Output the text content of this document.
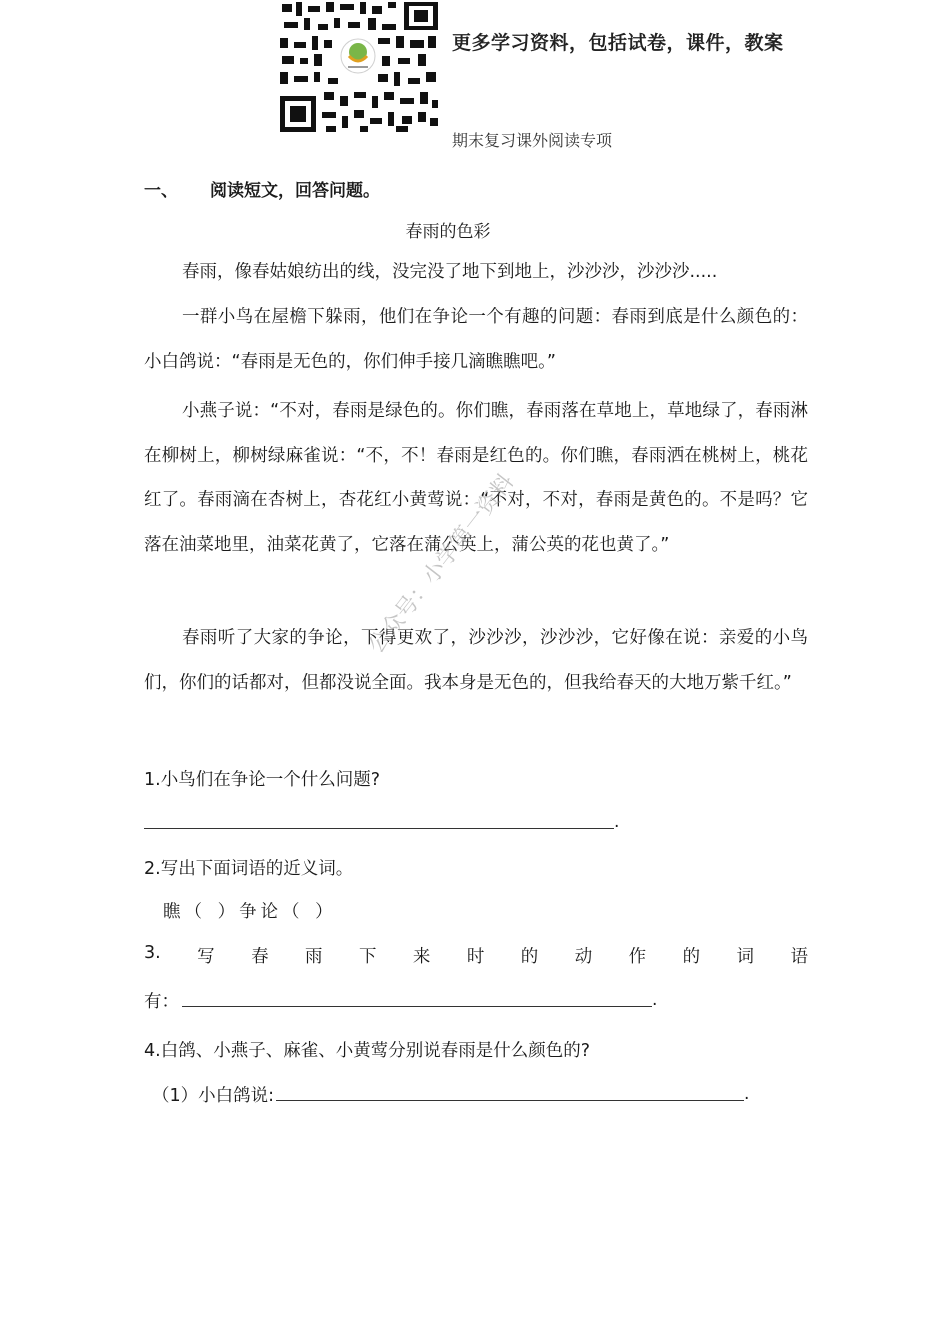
更多学习资料，包括试卷，课件，教案
期末复习课外阅读专项
一、 阅读短文，回答问题。
春雨的色彩
春雨，像春姑娘纺出的线，没完没了地下到地上，沙沙沙，沙沙沙.....
一群小鸟在屋檐下躲雨，他们在争论一个有趣的问题：春雨到底是什么颜色的：小白鸽说：“春雨是无色的，你们伸手接几滴瞧瞧吧。”
小燕子说：“不对，春雨是绿色的。你们瞧，春雨落在草地上，草地绿了，春雨淋在柳树上，柳树绿麻雀说：“不，不！春雨是红色的。你们瞧，春雨洒在桃树上，桃花红了。春雨滴在杏树上，杏花红小黄莺说：“不对，不对，春雨是黄色的。不是吗？它落在油菜地里，油菜花黄了，它落在蒲公英上，蒲公英的花也黄了。”
春雨听了大家的争论，下得更欢了，沙沙沙，沙沙沙，它好像在说：亲爱的小鸟们，你们的话都对，但都没说全面。我本身是无色的，但我给春天的大地万紫千红。”
公众号：小学第一资料
1.小鸟们在争论一个什么问题?
.
2.写出下面词语的近义词。
瞧（ ）争论（ ）
3. 写 春 雨 下 来 时 的 动 作 的 词 语
有：	.
4.白鸽、小燕子、麻雀、小黄莺分别说春雨是什么颜色的?
（1）小白鸽说:	.
